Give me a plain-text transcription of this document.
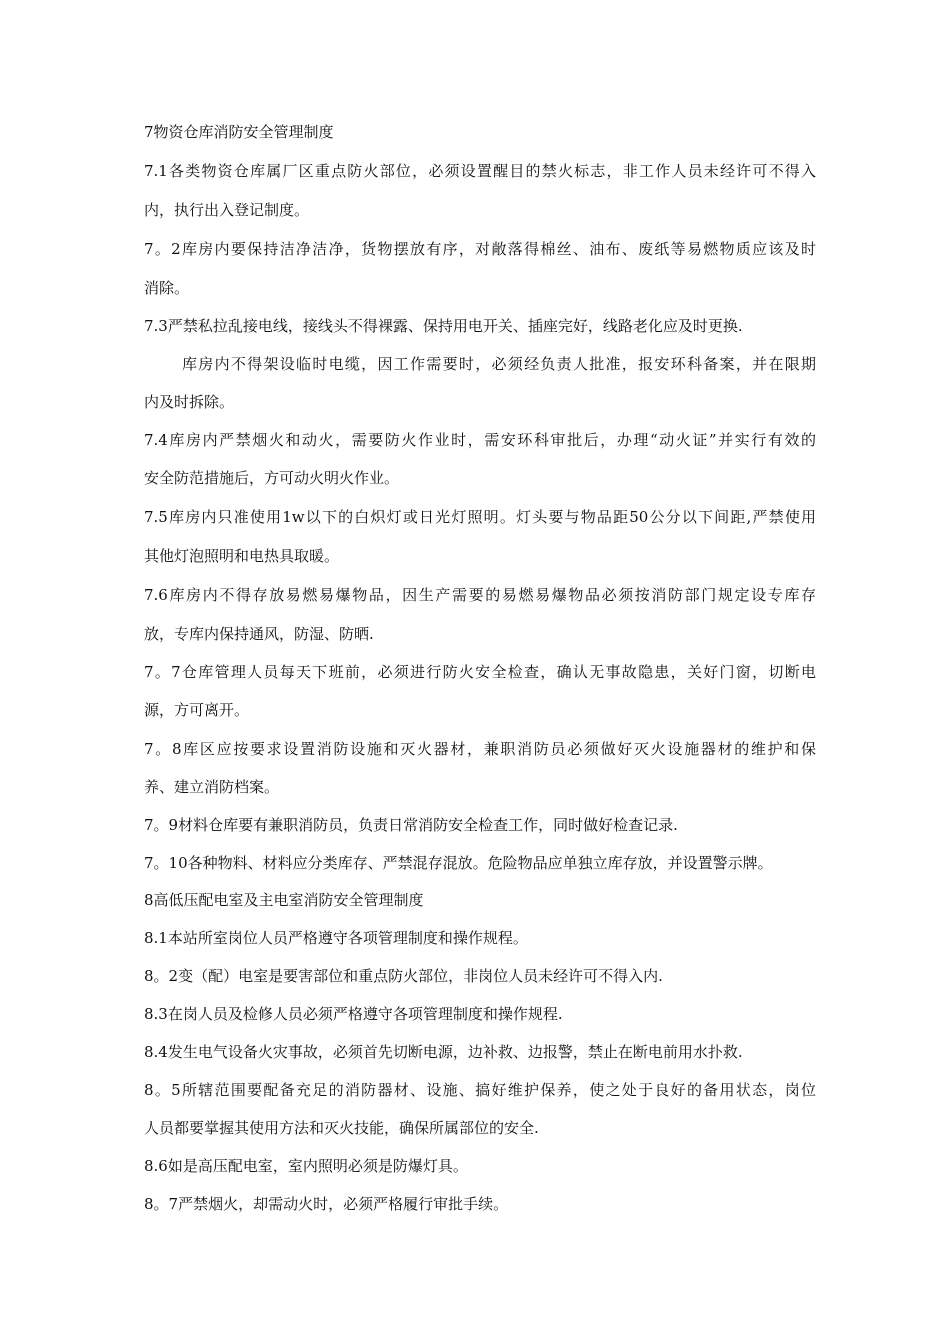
7物资仓库消防安全管理制度
7.1各类物资仓库属厂区重点防火部位，必须设置醒目的禁火标志，非工作人员未经许可不得入
内，执行出入登记制度。
7。2库房内要保持洁净洁净，货物摆放有序，对敞落得棉丝、油布、废纸等易燃物质应该及时
消除。
7.3严禁私拉乱接电线，接线头不得裸露、保持用电开关、插座完好，线路老化应及时更换.
库房内不得架设临时电缆，因工作需要时，必须经负责人批准，报安环科备案，并在限期
内及时拆除。
7.4库房内严禁烟火和动火，需要防火作业时，需安环科审批后，办理“动火证”并实行有效的
安全防范措施后，方可动火明火作业。
7.5库房内只准使用1w以下的白炽灯或日光灯照明。灯头要与物品距50公分以下间距,严禁使用
其他灯泡照明和电热具取暖。
7.6库房内不得存放易燃易爆物品，因生产需要的易燃易爆物品必须按消防部门规定设专库存
放，专库内保持通风，防湿、防晒.
7。7仓库管理人员每天下班前，必须进行防火安全检查，确认无事故隐患，关好门窗，切断电
源，方可离开。
7。8库区应按要求设置消防设施和灭火器材，兼职消防员必须做好灭火设施器材的维护和保
养、建立消防档案。
7。9材料仓库要有兼职消防员，负责日常消防安全检查工作，同时做好检查记录.
7。10各种物料、材料应分类库存、严禁混存混放。危险物品应单独立库存放，并设置警示牌。
8高低压配电室及主电室消防安全管理制度
8.1本站所室岗位人员严格遵守各项管理制度和操作规程。
8。2变（配）电室是要害部位和重点防火部位，非岗位人员未经许可不得入内.
8.3在岗人员及检修人员必须严格遵守各项管理制度和操作规程.
8.4发生电气设备火灾事故，必须首先切断电源，边补救、边报警，禁止在断电前用水扑救.
8。5所辖范围要配备充足的消防器材、设施、搞好维护保养，使之处于良好的备用状态，岗位
人员都要掌握其使用方法和灭火技能，确保所属部位的安全.
8.6如是高压配电室，室内照明必须是防爆灯具。
8。7严禁烟火，却需动火时，必须严格履行审批手续。
